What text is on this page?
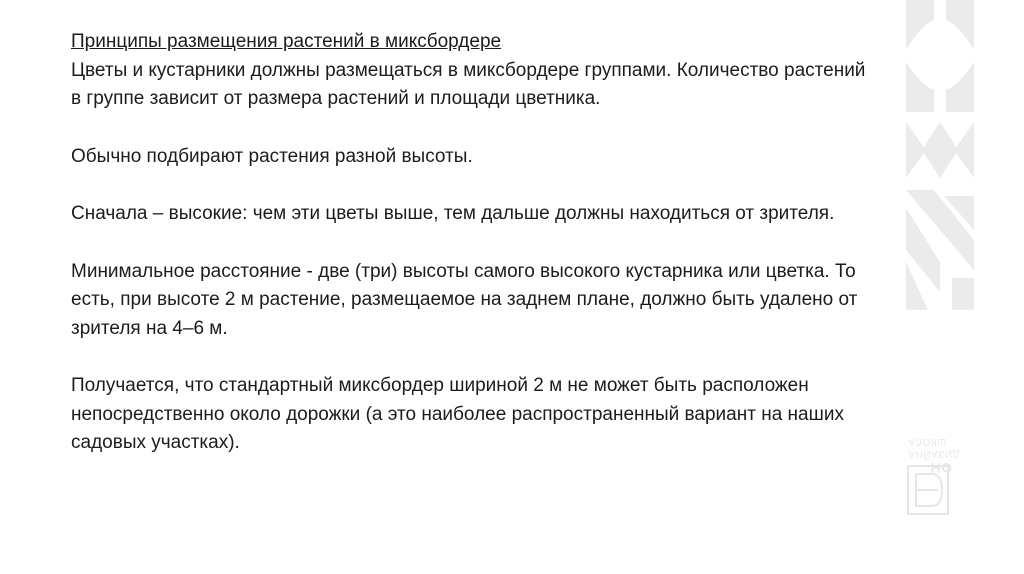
Принципы размещения растений в миксбордере

Цветы и кустарники должны размещаться в миксбордере группами. Количество растений в группе зависит от размера растений и площади цветника.

Обычно подбирают растения разной высоты.

Сначала – высокие: чем эти цветы выше, тем дальше должны находиться от зрителя.

Минимальное расстояние - две (три) высоты самого высокого кустарника или цветка. То есть, при высоте 2 м растение, размещаемое на заднем плане, должно быть удалено от зрителя на 4–6 м.

Получается, что стандартный миксбордер шириной 2 м не может быть расположен непосредственно около дорожки (а это наиболее распространенный вариант на наших садовых участках).	ШКОЛА
ДИЗАЙНА
ОН
